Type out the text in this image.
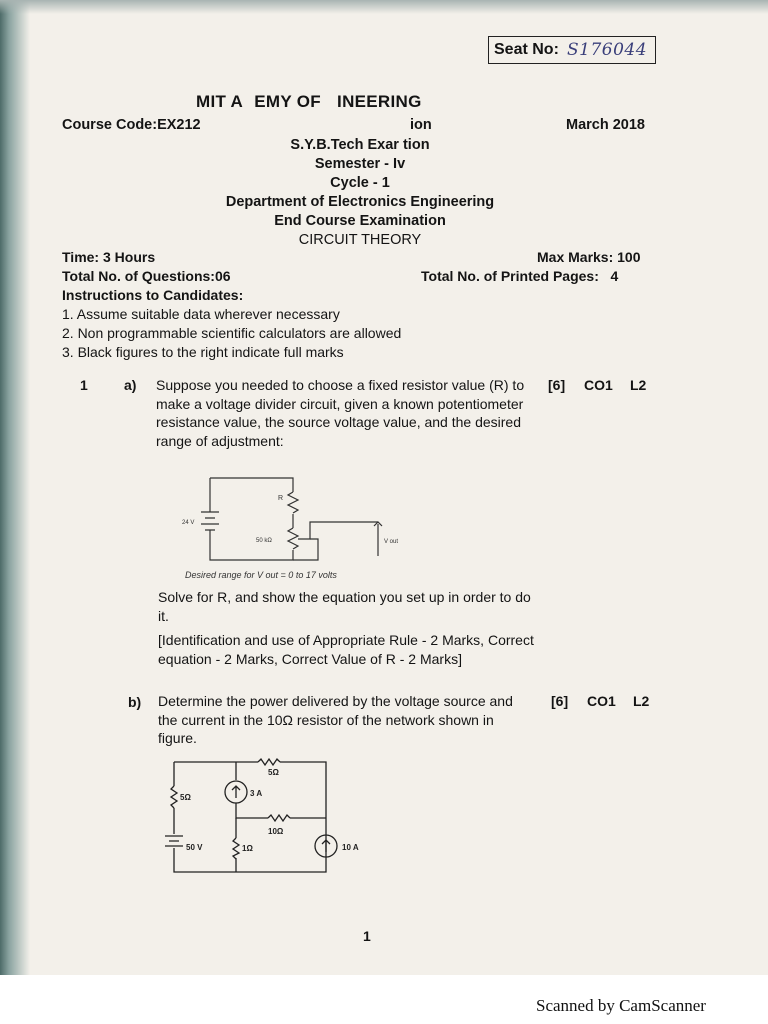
Seat No: S176044
MIT A   EMY OF    INEERING
Course Code:EX212	ion	March 2018
S.Y.B.Tech Exar tion
Semester - Iv
Cycle - 1
Department of Electronics Engineering
End Course Examination
CIRCUIT THEORY
Time: 3 Hours	Max Marks: 100
Total No. of Questions:06	Total No. of Printed Pages:   4
Instructions to Candidates:
1. Assume suitable data wherever necessary
2. Non programmable scientific calculators are allowed
3. Black figures to the right indicate full marks
1	a) Suppose you needed to choose a fixed resistor value (R) to make a voltage divider circuit, given a known potentiometer resistance value, the source voltage value, and the desired range of adjustment:
[6] CO1 L2
24 V
R
50 kΩ	V out
Desired range for V out = 0 to 17 volts
Solve for R, and show the equation you set up in order to do it.
[Identification and use of Appropriate Rule - 2 Marks, Correct equation - 2 Marks, Correct Value of R - 2 Marks]
b) Determine the power delivered by the voltage source and the current in the 10Ω resistor of the network shown in figure.
[6] CO1 L2
5Ω
5Ω	3 A
10Ω
50 V	1Ω	10 A
1
Scanned by CamScanner
